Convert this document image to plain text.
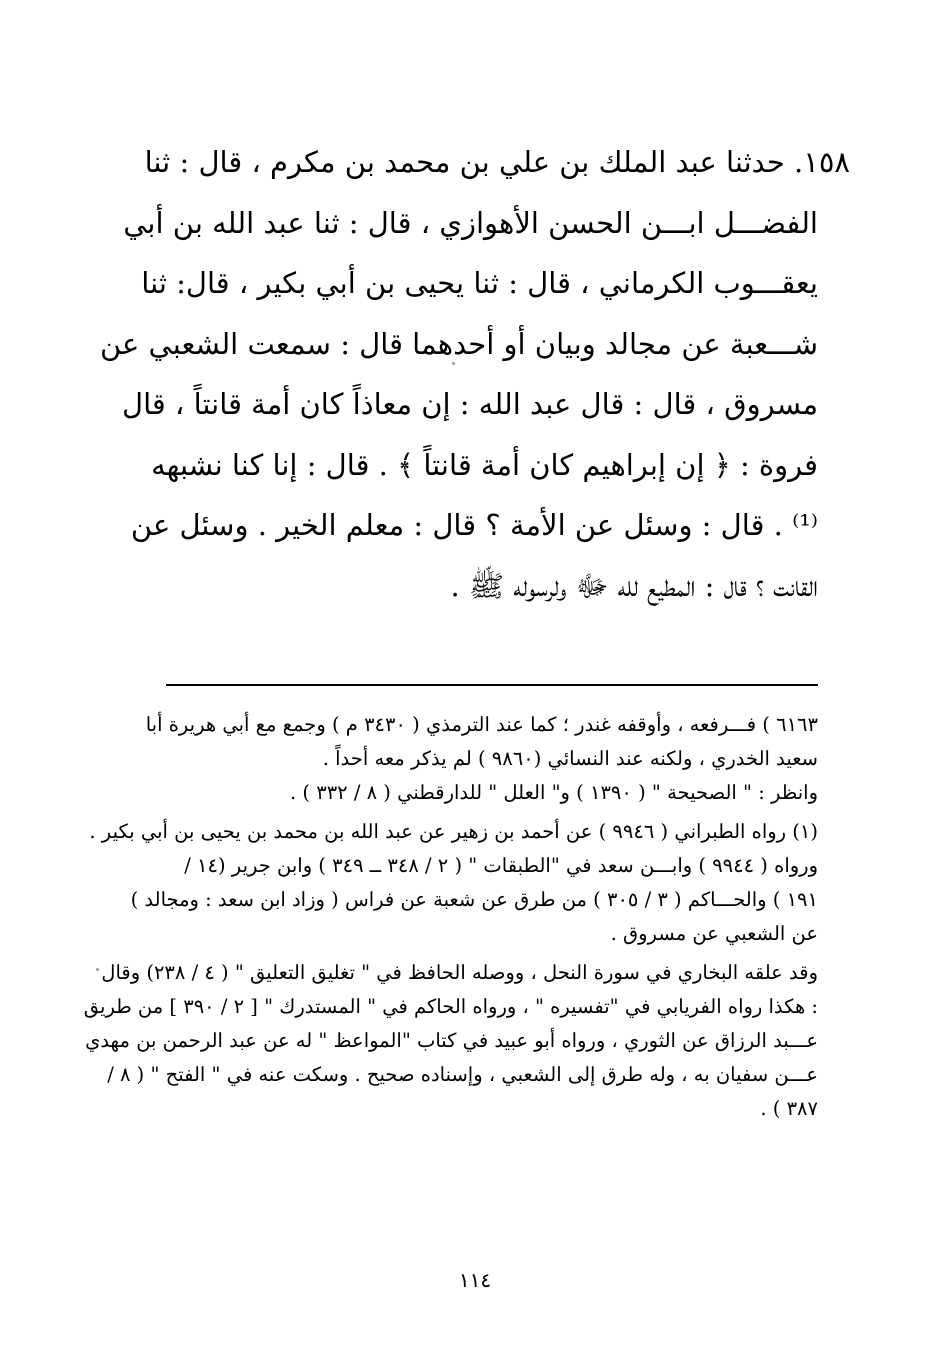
١٥٨. حدثنا عبد الملك بن علي بن محمد بن مكرم ، قال : ثنا
الفضـــل ابـــن الحسن الأهوازي ، قال : ثنا عبد الله بن أبي
يعقـــوب الكرماني ، قال : ثنا يحيى بن أبي بكير ، قال: ثنا
شـــعبة عن مجالد وبيان أو أحدهما قال : سمعت الشعبي عن
مسروق ، قال : قال عبد الله : إن معاذاً كان أمة قانتاً ، قال
فروة : ﴿ إن إبراهيم كان أمة قانتاً ﴾ . قال : إنا كنا نشبهه
⁽¹⁾ . قال : وسئل عن الأمة ؟ قال : معلم الخير . وسئل عن
القانت ؟ قال : المطيع لله ﷻ ولرسوله ﷺ .
٦١٦٣ ) فـــرفعه ، وأوقفه غندر ؛ كما عند الترمذي ( ٣٤٣٠ م ) وجمع مع أبي هريرة أبا
سعيد الخدري ، ولكنه عند النسائي (٩٨٦٠ ) لم يذكر معه أحداً .
وانظر : " الصحيحة " ( ١٣٩٠ ) و" العلل " للدارقطني ( ٨ / ٣٣٢ ) .
(١) رواه الطبراني ( ٩٩٤٦ ) عن أحمد بن زهير عن عبد الله بن محمد بن يحيى بن أبي بكير .
ورواه ( ٩٩٤٤ ) وابـــن سعد في "الطبقات " ( ٢ / ٣٤٨ ــ ٣٤٩ ) وابن جرير (١٤ /
١٩١ ) والحـــاكم ( ٣ / ٣٠٥ ) من طرق عن شعبة عن فراس ( وزاد ابن سعد : ومجالد )
عن الشعبي عن مسروق .
وقد علقه البخاري في سورة النحل ، ووصله الحافظ في " تغليق التعليق " ( ٤ / ٢٣٨) وقال
: هكذا رواه الفريابي في "تفسيره " ، ورواه الحاكم في " المستدرك " [ ٢ / ٣٩٠ ] من طريق
عـــبد الرزاق عن الثوري ، ورواه أبو عبيد في كتاب "المواعظ " له عن عبد الرحمن بن مهدي
عـــن سفيان به ، وله طرق إلى الشعبي ، وإسناده صحيح . وسكت عنه في " الفتح " ( ٨ /
٣٨٧ ) .
١١٤
